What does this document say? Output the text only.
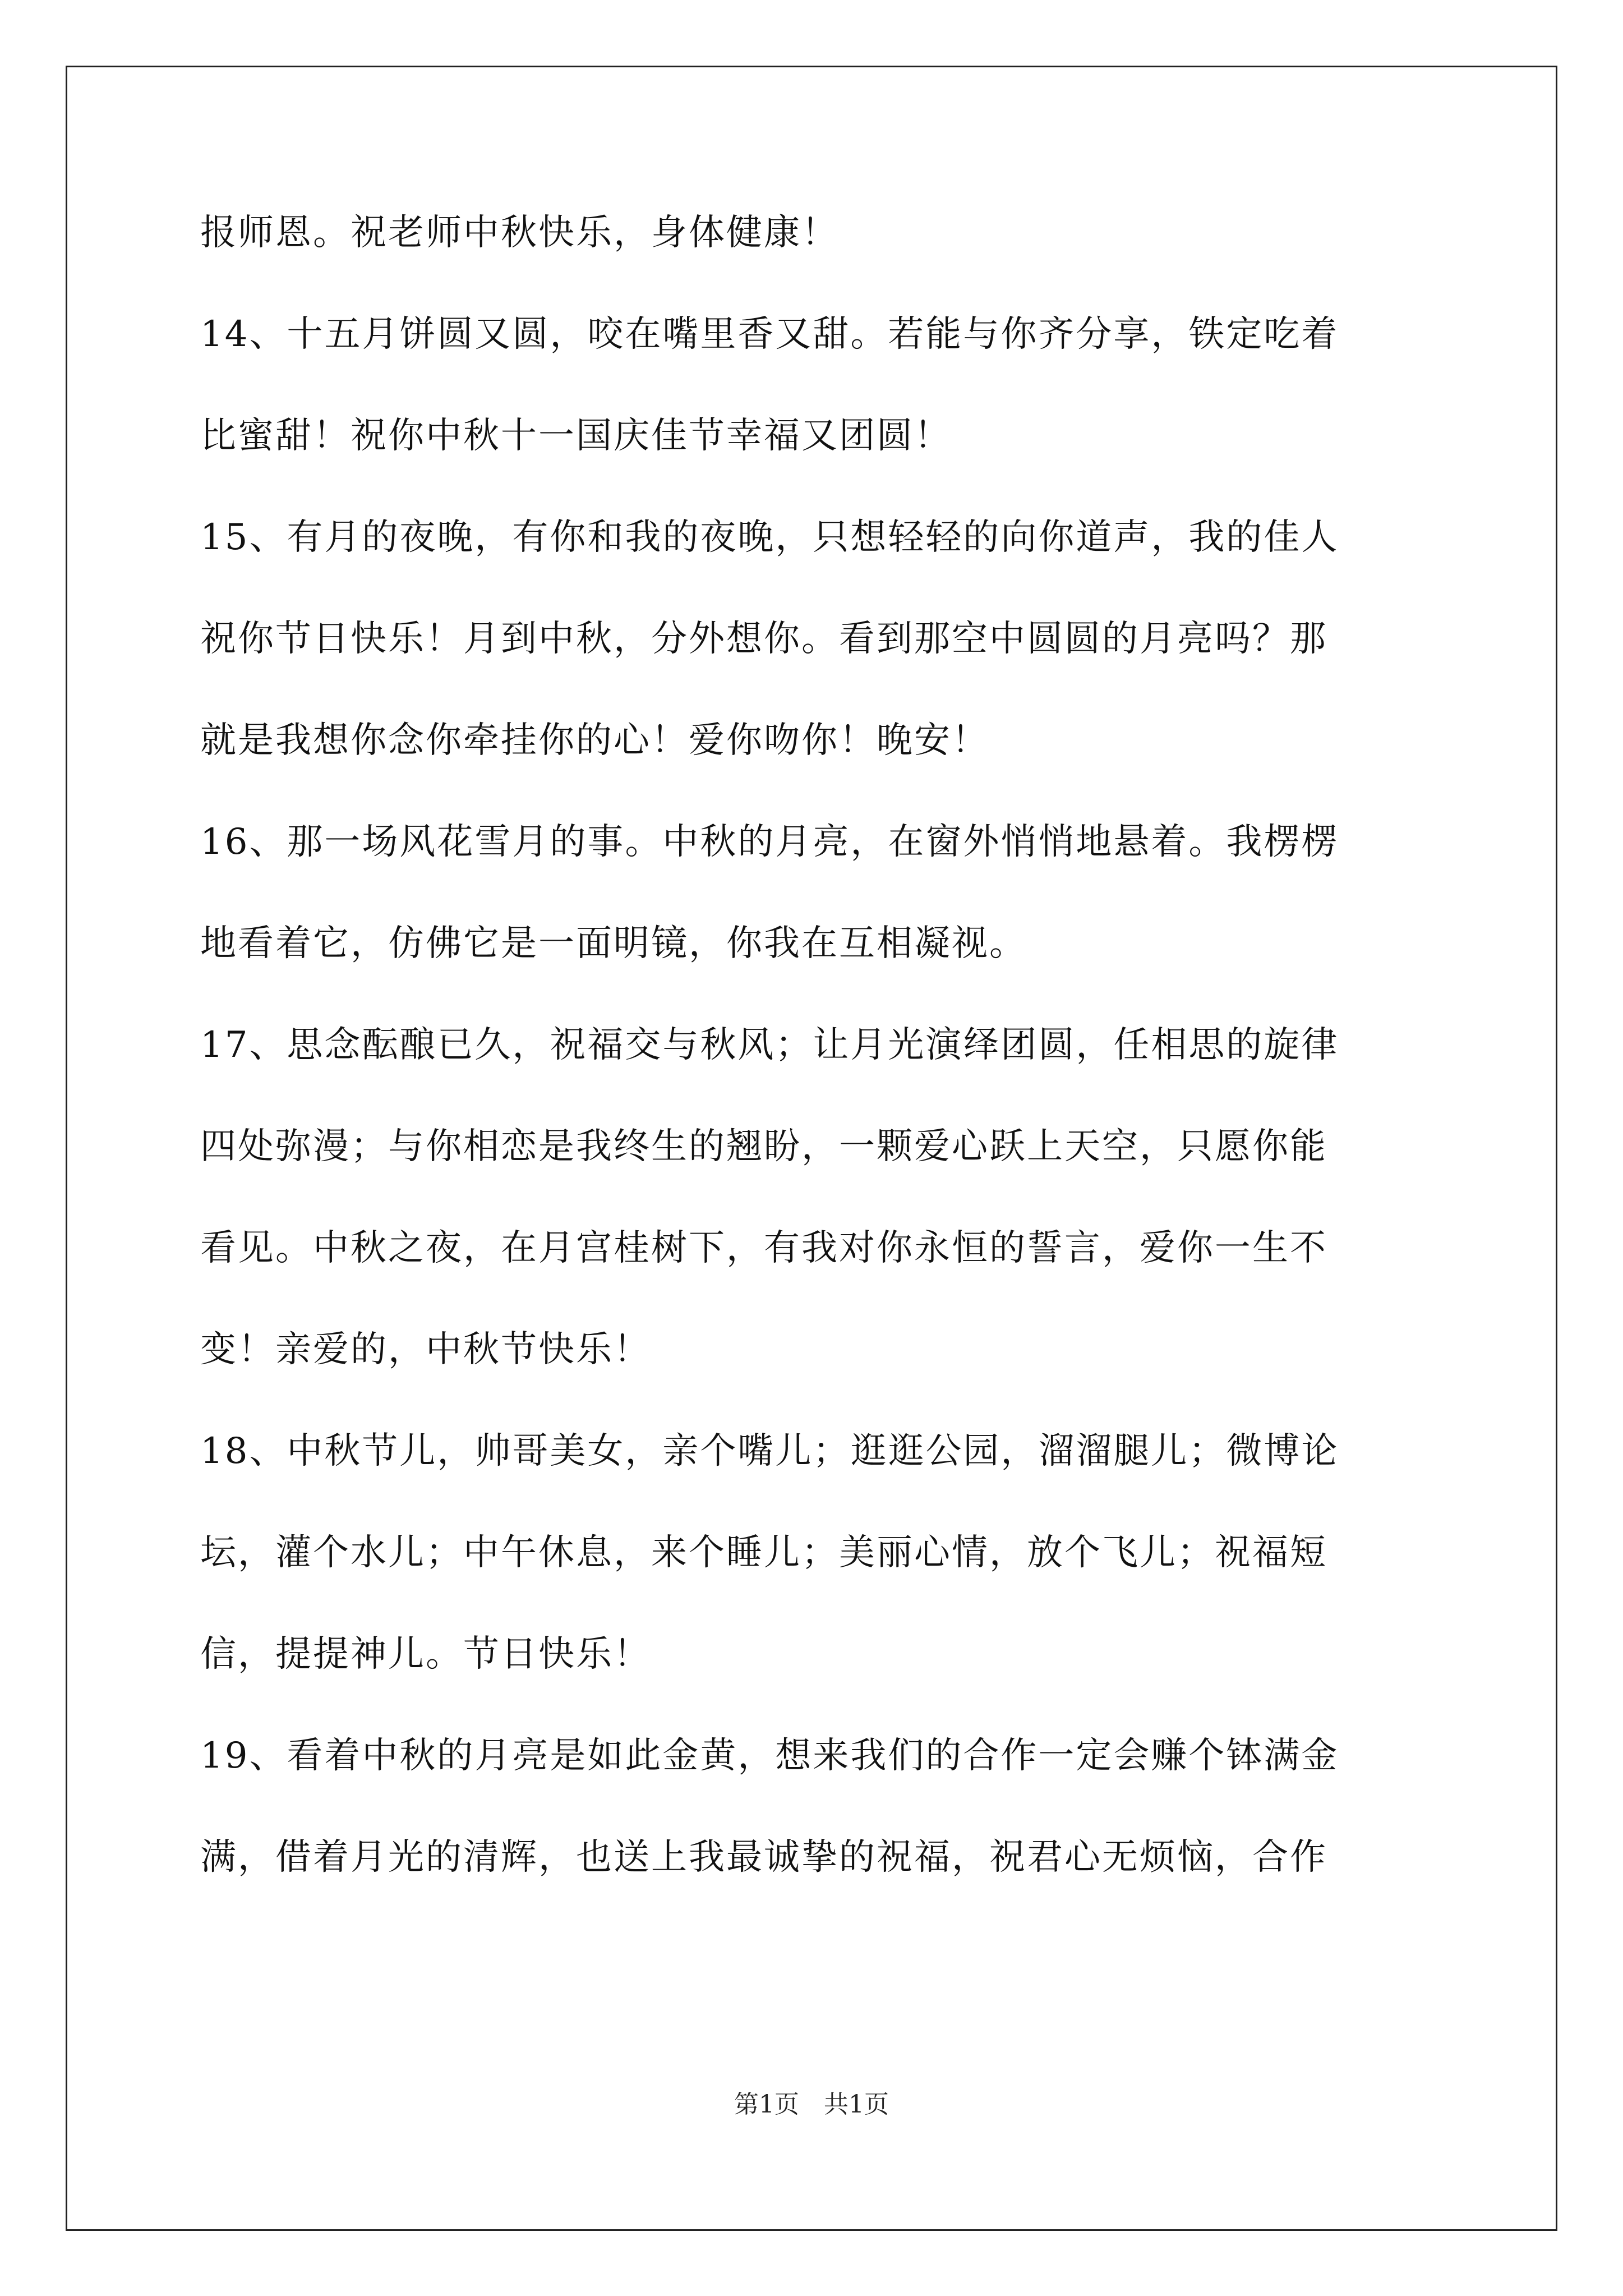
报师恩。祝老师中秋快乐，身体健康！
14、十五月饼圆又圆，咬在嘴里香又甜。若能与你齐分享，铁定吃着
比蜜甜！祝你中秋十一国庆佳节幸福又团圆！
15、有月的夜晚，有你和我的夜晚，只想轻轻的向你道声，我的佳人
祝你节日快乐！月到中秋，分外想你。看到那空中圆圆的月亮吗？那
就是我想你念你牵挂你的心！爱你吻你！晚安！
16、那一场风花雪月的事。中秋的月亮，在窗外悄悄地悬着。我楞楞
地看着它，仿佛它是一面明镜，你我在互相凝视。
17、思念酝酿已久，祝福交与秋风；让月光演绎团圆，任相思的旋律
四处弥漫；与你相恋是我终生的翘盼，一颗爱心跃上天空，只愿你能
看见。中秋之夜，在月宫桂树下，有我对你永恒的誓言，爱你一生不
变！亲爱的，中秋节快乐！
18、中秋节儿，帅哥美女，亲个嘴儿；逛逛公园，溜溜腿儿；微博论
坛，灌个水儿；中午休息，来个睡儿；美丽心情，放个飞儿；祝福短
信，提提神儿。节日快乐！
19、看着中秋的月亮是如此金黄，想来我们的合作一定会赚个钵满金
满，借着月光的清辉，也送上我最诚挚的祝福，祝君心无烦恼，合作
第1页　共1页
